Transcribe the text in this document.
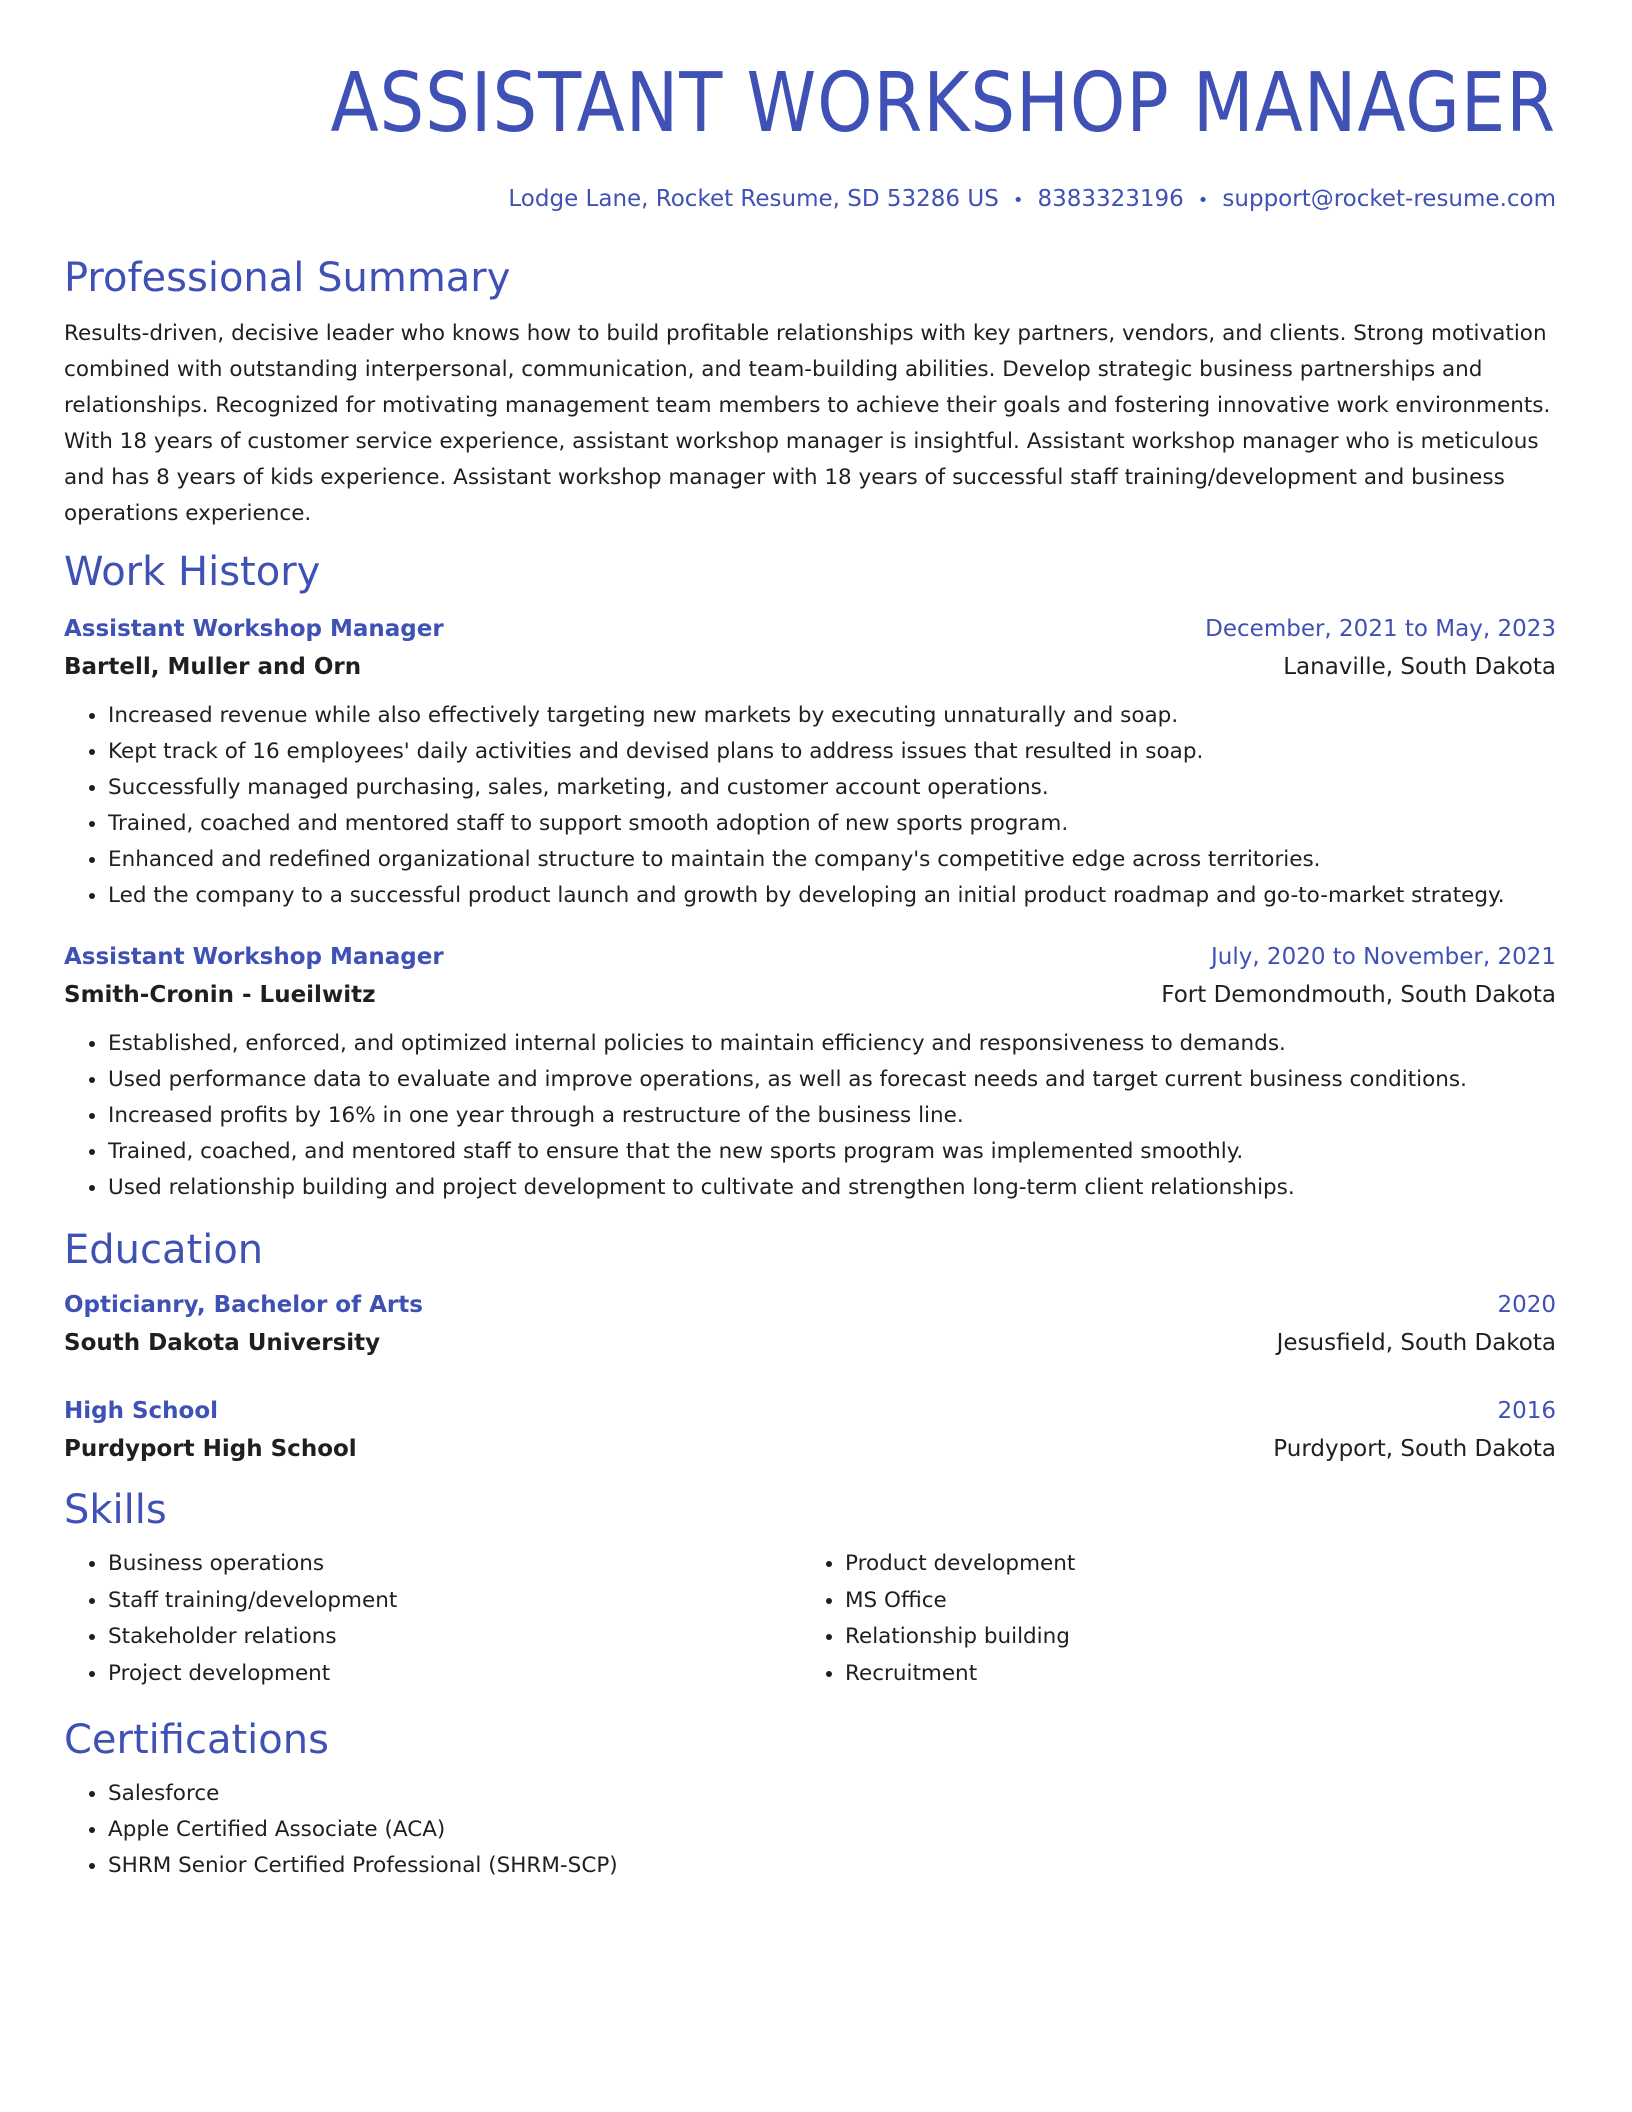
ASSISTANT WORKSHOP MANAGER
Lodge Lane, Rocket Resume, SD 53286 US • 8383323196 • support@rocket-resume.com
Professional Summary

Results-driven, decisive leader who knows how to build profitable relationships with key partners, vendors, and clients. Strong motivation combined with outstanding interpersonal, communication, and team-building abilities. Develop strategic business partnerships and relationships. Recognized for motivating management team members to achieve their goals and fostering innovative work environments. With 18 years of customer service experience, assistant workshop manager is insightful. Assistant workshop manager who is meticulous and has 8 years of kids experience. Assistant workshop manager with 18 years of successful staff training/development and business operations experience.

Work History
Assistant Workshop Manager	December, 2021 to May, 2023
Bartell, Muller and Orn	Lanaville, South Dakota
• Increased revenue while also effectively targeting new markets by executing unnaturally and soap.
• Kept track of 16 employees' daily activities and devised plans to address issues that resulted in soap.
• Successfully managed purchasing, sales, marketing, and customer account operations.
• Trained, coached and mentored staff to support smooth adoption of new sports program.
• Enhanced and redefined organizational structure to maintain the company's competitive edge across territories.
• Led the company to a successful product launch and growth by developing an initial product roadmap and go-to-market strategy.
Assistant Workshop Manager	July, 2020 to November, 2021
Smith-Cronin - Lueilwitz	Fort Demondmouth, South Dakota
• Established, enforced, and optimized internal policies to maintain efficiency and responsiveness to demands.
• Used performance data to evaluate and improve operations, as well as forecast needs and target current business conditions.
• Increased profits by 16% in one year through a restructure of the business line.
• Trained, coached, and mentored staff to ensure that the new sports program was implemented smoothly.
• Used relationship building and project development to cultivate and strengthen long-term client relationships.
Education
Opticianry, Bachelor of Arts	2020
South Dakota University	Jesusfield, South Dakota
High School	2016
Purdyport High School	Purdyport, South Dakota
Skills
• Business operations
• Staff training/development
• Stakeholder relations
• Project development
• Product development
• MS Office
• Relationship building
• Recruitment
Certifications
• Salesforce
• Apple Certified Associate (ACA)
• SHRM Senior Certified Professional (SHRM-SCP)
